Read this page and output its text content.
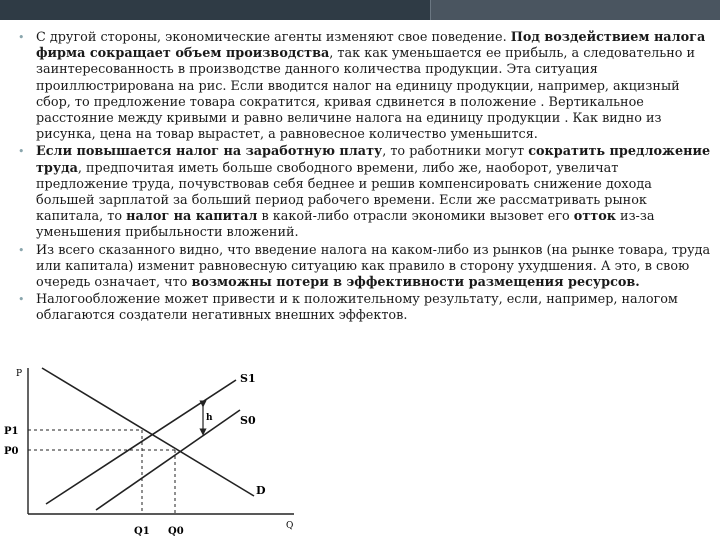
• С другой стороны, экономические агенты изменяют свое поведение. Под воздействием налога фирма сокращает объем производства, так как уменьшается ее прибыль, а следовательно и заинтересованность в производстве данного количества продукции. Эта ситуация проиллюстрирована на рис. Если вводится налог на единицу продукции, например, акцизный сбор, то предложение товара сократится, кривая сдвинется в положение . Вертикальное расстояние между кривыми и равно величине налога на единицу продукции . Как видно из рисунка, цена на товар вырастет, а равновесное количество уменьшится.
• Если повышается налог на заработную плату, то работники могут сократить предложение труда, предпочитая иметь больше свободного времени, либо же, наоборот, увеличат предложение труда, почувствовав себя беднее и решив компенсировать снижение дохода большей зарплатой за больший период рабочего времени. Если же рассматривать рынок капитала, то налог на капитал в какой-либо отрасли экономики вызовет его отток из-за уменьшения прибыльности вложений.
• Из всего сказанного видно, что введение налога на каком-либо из рынков (на рынке товара, труда или капитала) изменит равновесную ситуацию как правило в сторону ухудшения. А это, в свою очередь означает, что возможны потери в эффективности размещения ресурсов.
• Налогообложение может привести и к положительному результату, если, например, налогом облагаются создатели негативных внешних эффектов.
P
Q
S1
S0
D
h
P1
P0
Q1 Q0
